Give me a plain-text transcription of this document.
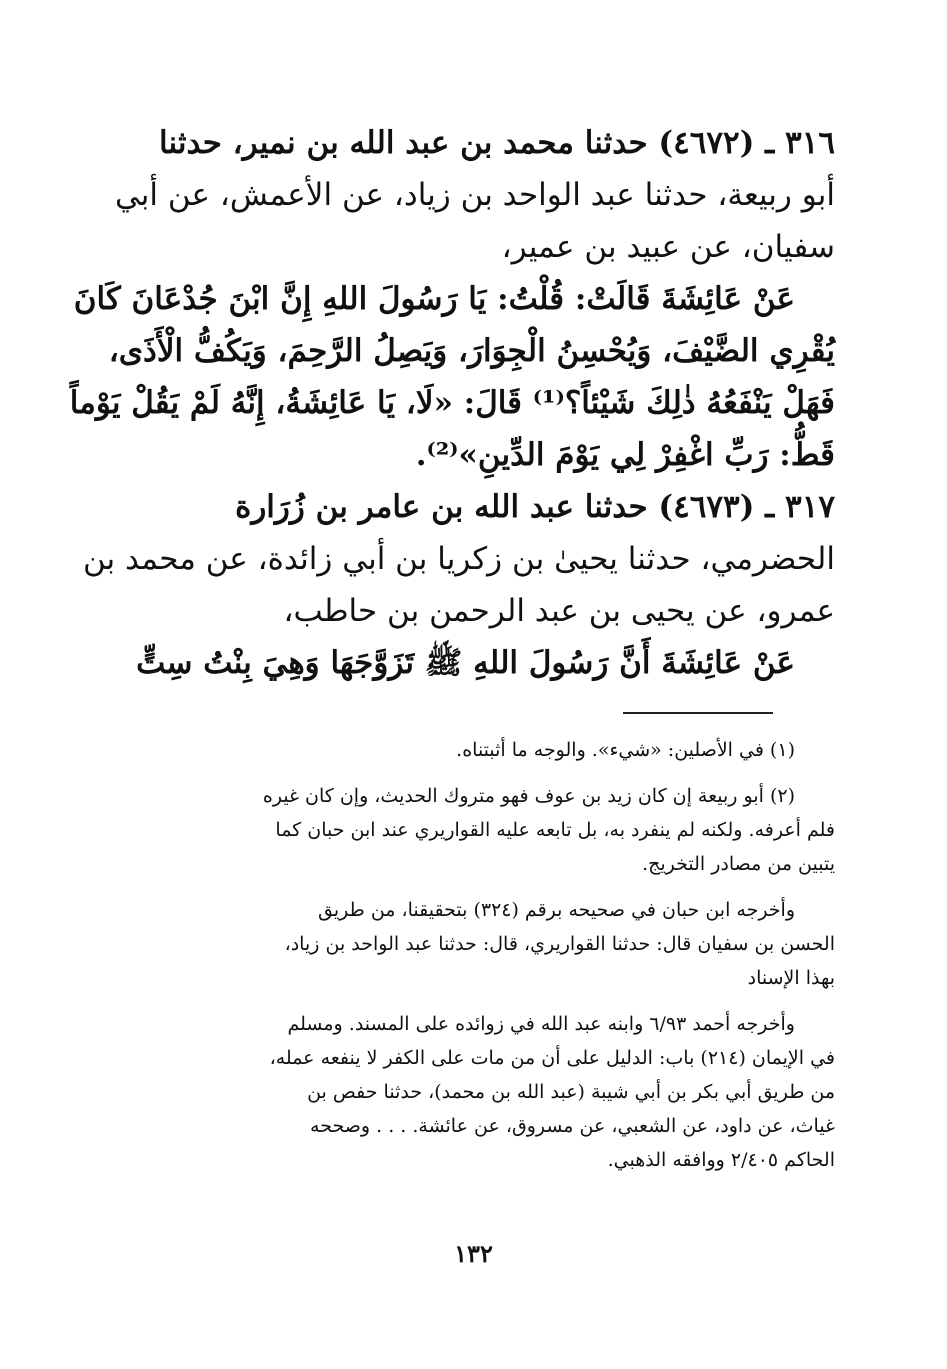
٣١٦ ـ (٤٦٧٢) حدثنا محمد بن عبد الله بن نمير، حدثنا
أبو ربيعة، حدثنا عبد الواحد بن زياد، عن الأعمش، عن أبي
سفيان، عن عبيد بن عمير،
عَنْ عَائِشَةَ قَالَتْ: قُلْتُ: يَا رَسُولَ اللهِ إِنَّ ابْنَ جُدْعَانَ كَانَ
يُقْرِي الضَّيْفَ، وَيُحْسِنُ الْجِوَارَ، وَيَصِلُ الرَّحِمَ، وَيَكُفُّ الْأَذَى،
فَهَلْ يَنْفَعُهُ ذٰلِكَ شَيْئاً؟⁽¹⁾ قَالَ: «لَا، يَا عَائِشَةُ، إِنَّهُ لَمْ يَقُلْ يَوْماً
قَطُّ: رَبِّ اغْفِرْ لِي يَوْمَ الدِّينِ»⁽²⁾.
٣١٧ ـ (٤٦٧٣) حدثنا عبد الله بن عامر بن زُرَارة
الحضرمي، حدثنا يحيىٰ بن زكريا بن أبي زائدة، عن محمد بن
عمرو، عن يحيى بن عبد الرحمن بن حاطب،
عَنْ عَائِشَةَ أَنَّ رَسُولَ اللهِ ﷺ تَزَوَّجَهَا وَهِيَ بِنْتُ سِتٍّ
(١) في الأصلين: «شيء». والوجه ما أثبتناه.
(٢) أبو ربيعة إن كان زيد بن عوف فهو متروك الحديث، وإن كان غيره
فلم أعرفه. ولكنه لم ينفرد به، بل تابعه عليه القواريري عند ابن حبان كما
يتبين من مصادر التخريج.
وأخرجه ابن حبان في صحيحه برقم (٣٢٤) بتحقيقنا، من طريق
الحسن بن سفيان قال: حدثنا القواريري، قال: حدثنا عبد الواحد بن زياد،
بهذا الإسناد
وأخرجه أحمد ٦/٩٣ وابنه عبد الله في زوائده على المسند. ومسلم
في الإيمان (٢١٤) باب: الدليل على أن من مات على الكفر لا ينفعه عمله،
من طريق أبي بكر بن أبي شيبة (عبد الله بن محمد)، حدثنا حفص بن
غياث، عن داود، عن الشعبي، عن مسروق، عن عائشة. . . . وصححه
الحاكم ٢/٤٠٥ ووافقه الذهبي.
١٣٢
